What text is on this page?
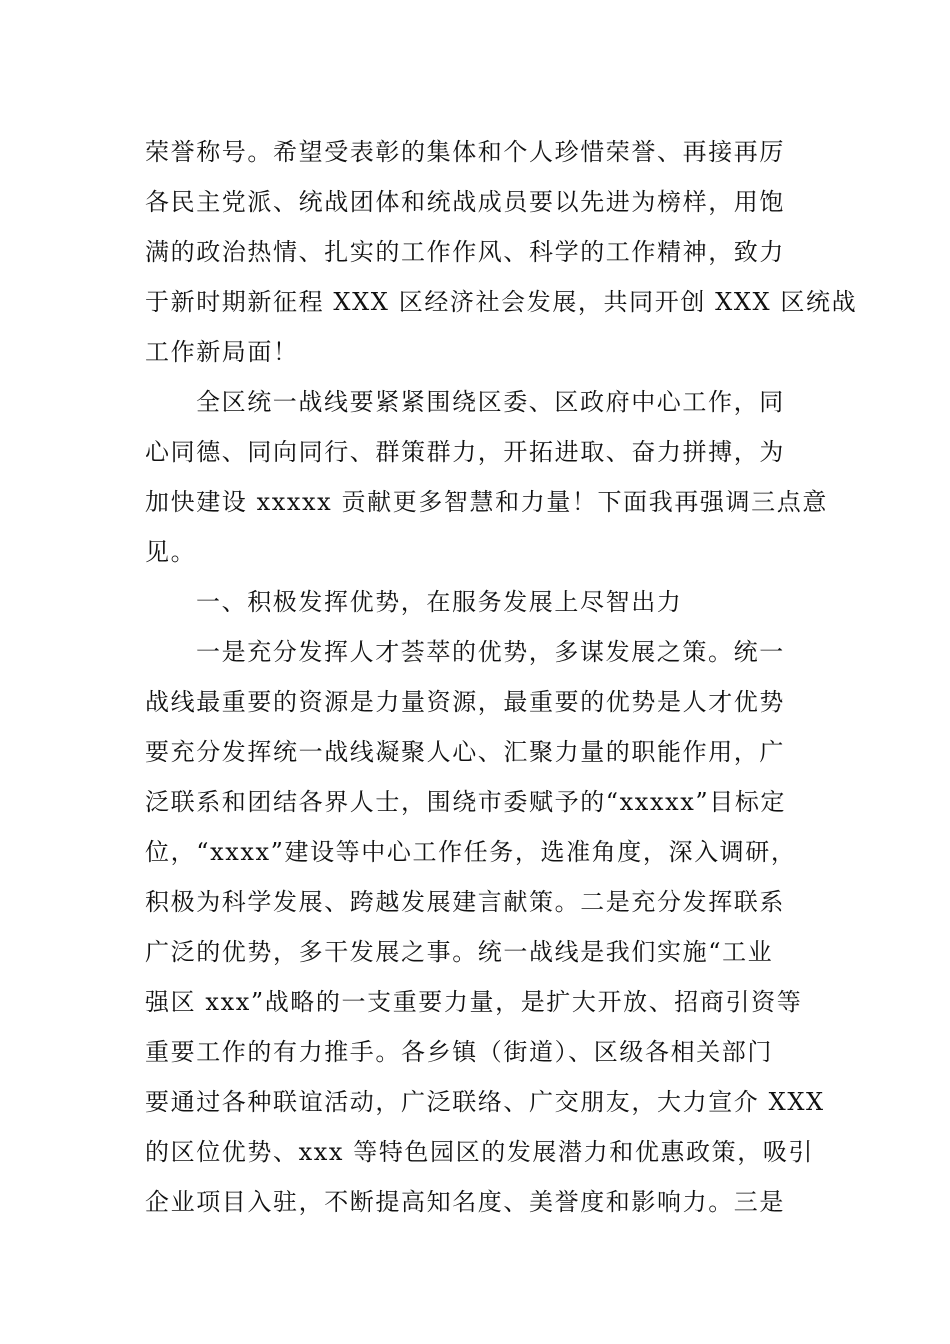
荣誉称号。希望受表彰的集体和个人珍惜荣誉、再接再厉
各民主党派、统战团体和统战成员要以先进为榜样，用饱
满的政治热情、扎实的工作作风、科学的工作精神，致力
于新时期新征程 XXX 区经济社会发展，共同开创 XXX 区统战
工作新局面！
全区统一战线要紧紧围绕区委、区政府中心工作，同
心同德、同向同行、群策群力，开拓进取、奋力拼搏，为
加快建设 xxxxx 贡献更多智慧和力量！下面我再强调三点意
见。
一、积极发挥优势，在服务发展上尽智出力
一是充分发挥人才荟萃的优势，多谋发展之策。统一
战线最重要的资源是力量资源，最重要的优势是人才优势
要充分发挥统一战线凝聚人心、汇聚力量的职能作用，广
泛联系和团结各界人士，围绕市委赋予的“xxxxx”目标定
位，“xxxx”建设等中心工作任务，选准角度，深入调研，
积极为科学发展、跨越发展建言献策。二是充分发挥联系
广泛的优势，多干发展之事。统一战线是我们实施“工业
强区 xxx”战略的一支重要力量，是扩大开放、招商引资等
重要工作的有力推手。各乡镇（街道）、区级各相关部门
要通过各种联谊活动，广泛联络、广交朋友，大力宣介 XXX
的区位优势、xxx 等特色园区的发展潜力和优惠政策，吸引
企业项目入驻，不断提高知名度、美誉度和影响力。三是
